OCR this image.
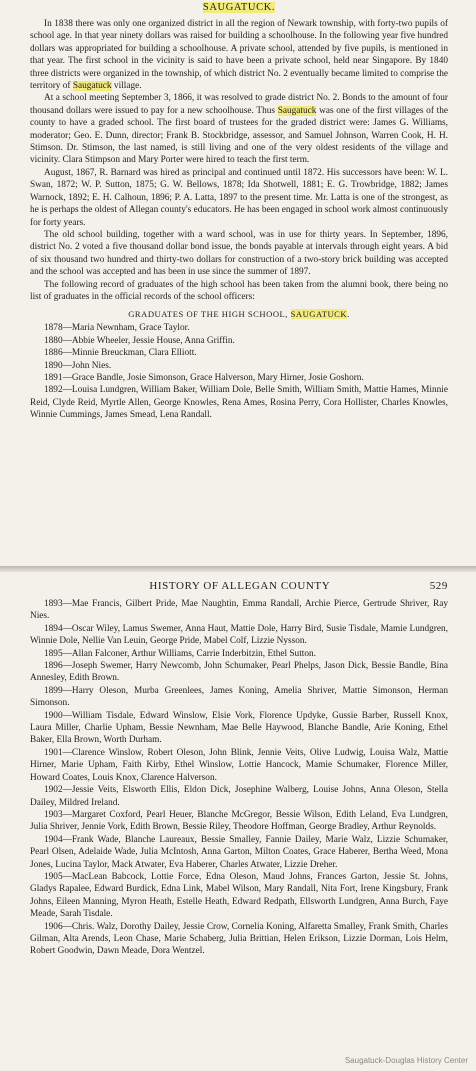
SAUGATUCK.

In 1838 there was only one organized district in all the region of Newark township, with forty-two pupils of school age. In that year ninety dollars was raised for building a schoolhouse. In the following year five hundred dollars was appropriated for building a schoolhouse. A private school, attended by five pupils, is mentioned in that year. The first school in the vicinity is said to have been a private school, held near Singapore. By 1840 three districts were organized in the township, of which district No. 2 eventually became limited to comprise the territory of Saugatuck village.

At a school meeting September 3, 1866, it was resolved to grade district No. 2. Bonds to the amount of four thousand dollars were issued to pay for a new schoolhouse. Thus Saugatuck was one of the first villages of the county to have a graded school. The first board of trustees for the graded district were: James G. Williams, moderator; Geo. E. Dunn, director; Frank B. Stockbridge, assessor, and Samuel Johnson, Warren Cook, H. H. Stimson. Dr. Stimson, the last named, is still living and one of the very oldest residents of the village and vicinity. Clara Stimpson and Mary Porter were hired to teach the first term.

August, 1867, R. Barnard was hired as principal and continued until 1872. His successors have been: W. L. Swan, 1872; W. P. Sutton, 1875; G. W. Bellows, 1878; Ida Shotwell, 1881; E. G. Trowbridge, 1882; James Warnock, 1892; E. H. Calhoun, 1896; P. A. Latta, 1897 to the present time. Mr. Latta is one of the strongest, as he is perhaps the oldest of Allegan county's educators. He has been engaged in school work almost continuously for forty years.

The old school building, together with a ward school, was in use for thirty years. In September, 1896, district No. 2 voted a five thousand dollar bond issue, the bonds payable at intervals through eight years. A bid of six thousand two hundred and thirty-two dollars for construction of a two-story brick building was accepted and the school was accepted and has been in use since the summer of 1897.

The following record of graduates of the high school has been taken from the alumni book, there being no list of graduates in the official records of the school officers:

GRADUATES OF THE HIGH SCHOOL, SAUGATUCK.

1878—Maria Newnham, Grace Taylor.

1880—Abbie Wheeler, Jessie House, Anna Griffin.

1886—Minnie Breuckman, Clara Elliott.

1890—John Nies.

1891—Grace Bandle, Josie Simonson, Grace Halverson, Mary Hirner, Josie Goshorn.

1892—Louisa Lundgren, William Baker, William Dole, Belle Smith, William Smith, Mattie Hames, Minnie Reid, Clyde Reid, Myrtle Allen, George Knowles, Rena Ames, Rosina Perry, Cora Hollister, Charles Knowles, Winnie Cummings, James Smead, Lena Randall.

HISTORY OF ALLEGAN COUNTY	529

1893—Mae Francis, Gilbert Pride, Mae Naughtin, Emma Randall, Archie Pierce, Gertrude Shriver, Ray Nies.

1894—Oscar Wiley, Lamus Swemer, Anna Haut, Mattie Dole, Harry Bird, Susie Tisdale, Mamie Lundgren, Winnie Dole, Nellie Van Leuin, George Pride, Mabel Colf, Lizzie Nysson.

1895—Allan Falconer, Arthur Williams, Carrie Inderbitzin, Ethel Sutton.

1896—Joseph Swemer, Harry Newcomb, John Schumaker, Pearl Phelps, Jason Dick, Bessie Bandle, Bina Annesley, Edith Brown.

1899—Harry Oleson, Murba Greenlees, James Koning, Amelia Shriver, Mattie Simonson, Herman Simonson.

1900—William Tisdale, Edward Winslow, Elsie Vork, Florence Updyke, Gussie Barber, Russell Knox, Laura Miller, Charlie Upham, Bessie Newnham, Mae Belle Haywood, Blanche Bandle, Arie Koning, Ethel Baker, Ella Brown, Worth Durham.

1901—Clarence Winslow, Robert Oleson, John Blink, Jennie Veits, Olive Ludwig, Louisa Walz, Mattie Hirner, Marie Upham, Faith Kirby, Ethel Winslow, Lottie Hancock, Mamie Schumaker, Florence Miller, Howard Coates, Louis Knox, Clarence Halverson.

1902—Jessie Veits, Elsworth Ellis, Eldon Dick, Josephine Walberg, Louise Johns, Anna Oleson, Stella Dailey, Mildred Ireland.

1903—Margaret Coxford, Pearl Heuer, Blanche McGregor, Bessie Wilson, Edith Leland, Eva Lundgren, Julia Shriver, Jennie Vork, Edith Brown, Bessie Riley, Theodore Hoffman, George Bradley, Arthur Reynolds.

1904—Frank Wade, Blanche Laureaux, Bessie Smalley, Fannie Dailey, Marie Walz, Lizzie Schumaker, Pearl Olsen, Adelaide Wade, Julia McIntosh, Anna Garton, Milton Coates, Grace Haberer, Bertha Weed, Mona Jones, Lucina Taylor, Mack Atwater, Eva Haberer, Charles Atwater, Lizzie Dreher.

1905—MacLean Babcock, Lottie Force, Edna Oleson, Maud Johns, Frances Garton, Jessie St. Johns, Gladys Rapalee, Edward Burdick, Edna Link, Mabel Wilson, Mary Randall, Nita Fort, Irene Kingsbury, Frank Johns, Eileen Manning, Myron Heath, Estelle Heath, Edward Redpath, Ellsworth Lundgren, Anna Burch, Faye Meade, Sarah Tisdale.

1906—Chris. Walz, Dorothy Dailey, Jessie Crow, Cornelia Koning, Alfaretta Smalley, Frank Smith, Charles Gilman, Alta Arends, Leon Chase, Marie Schaberg, Julia Brittian, Helen Erikson, Lizzie Dorman, Lois Helm, Robert Goodwin, Dawn Meade, Dora Wentzel.

Saugatuck-Douglas History Center
